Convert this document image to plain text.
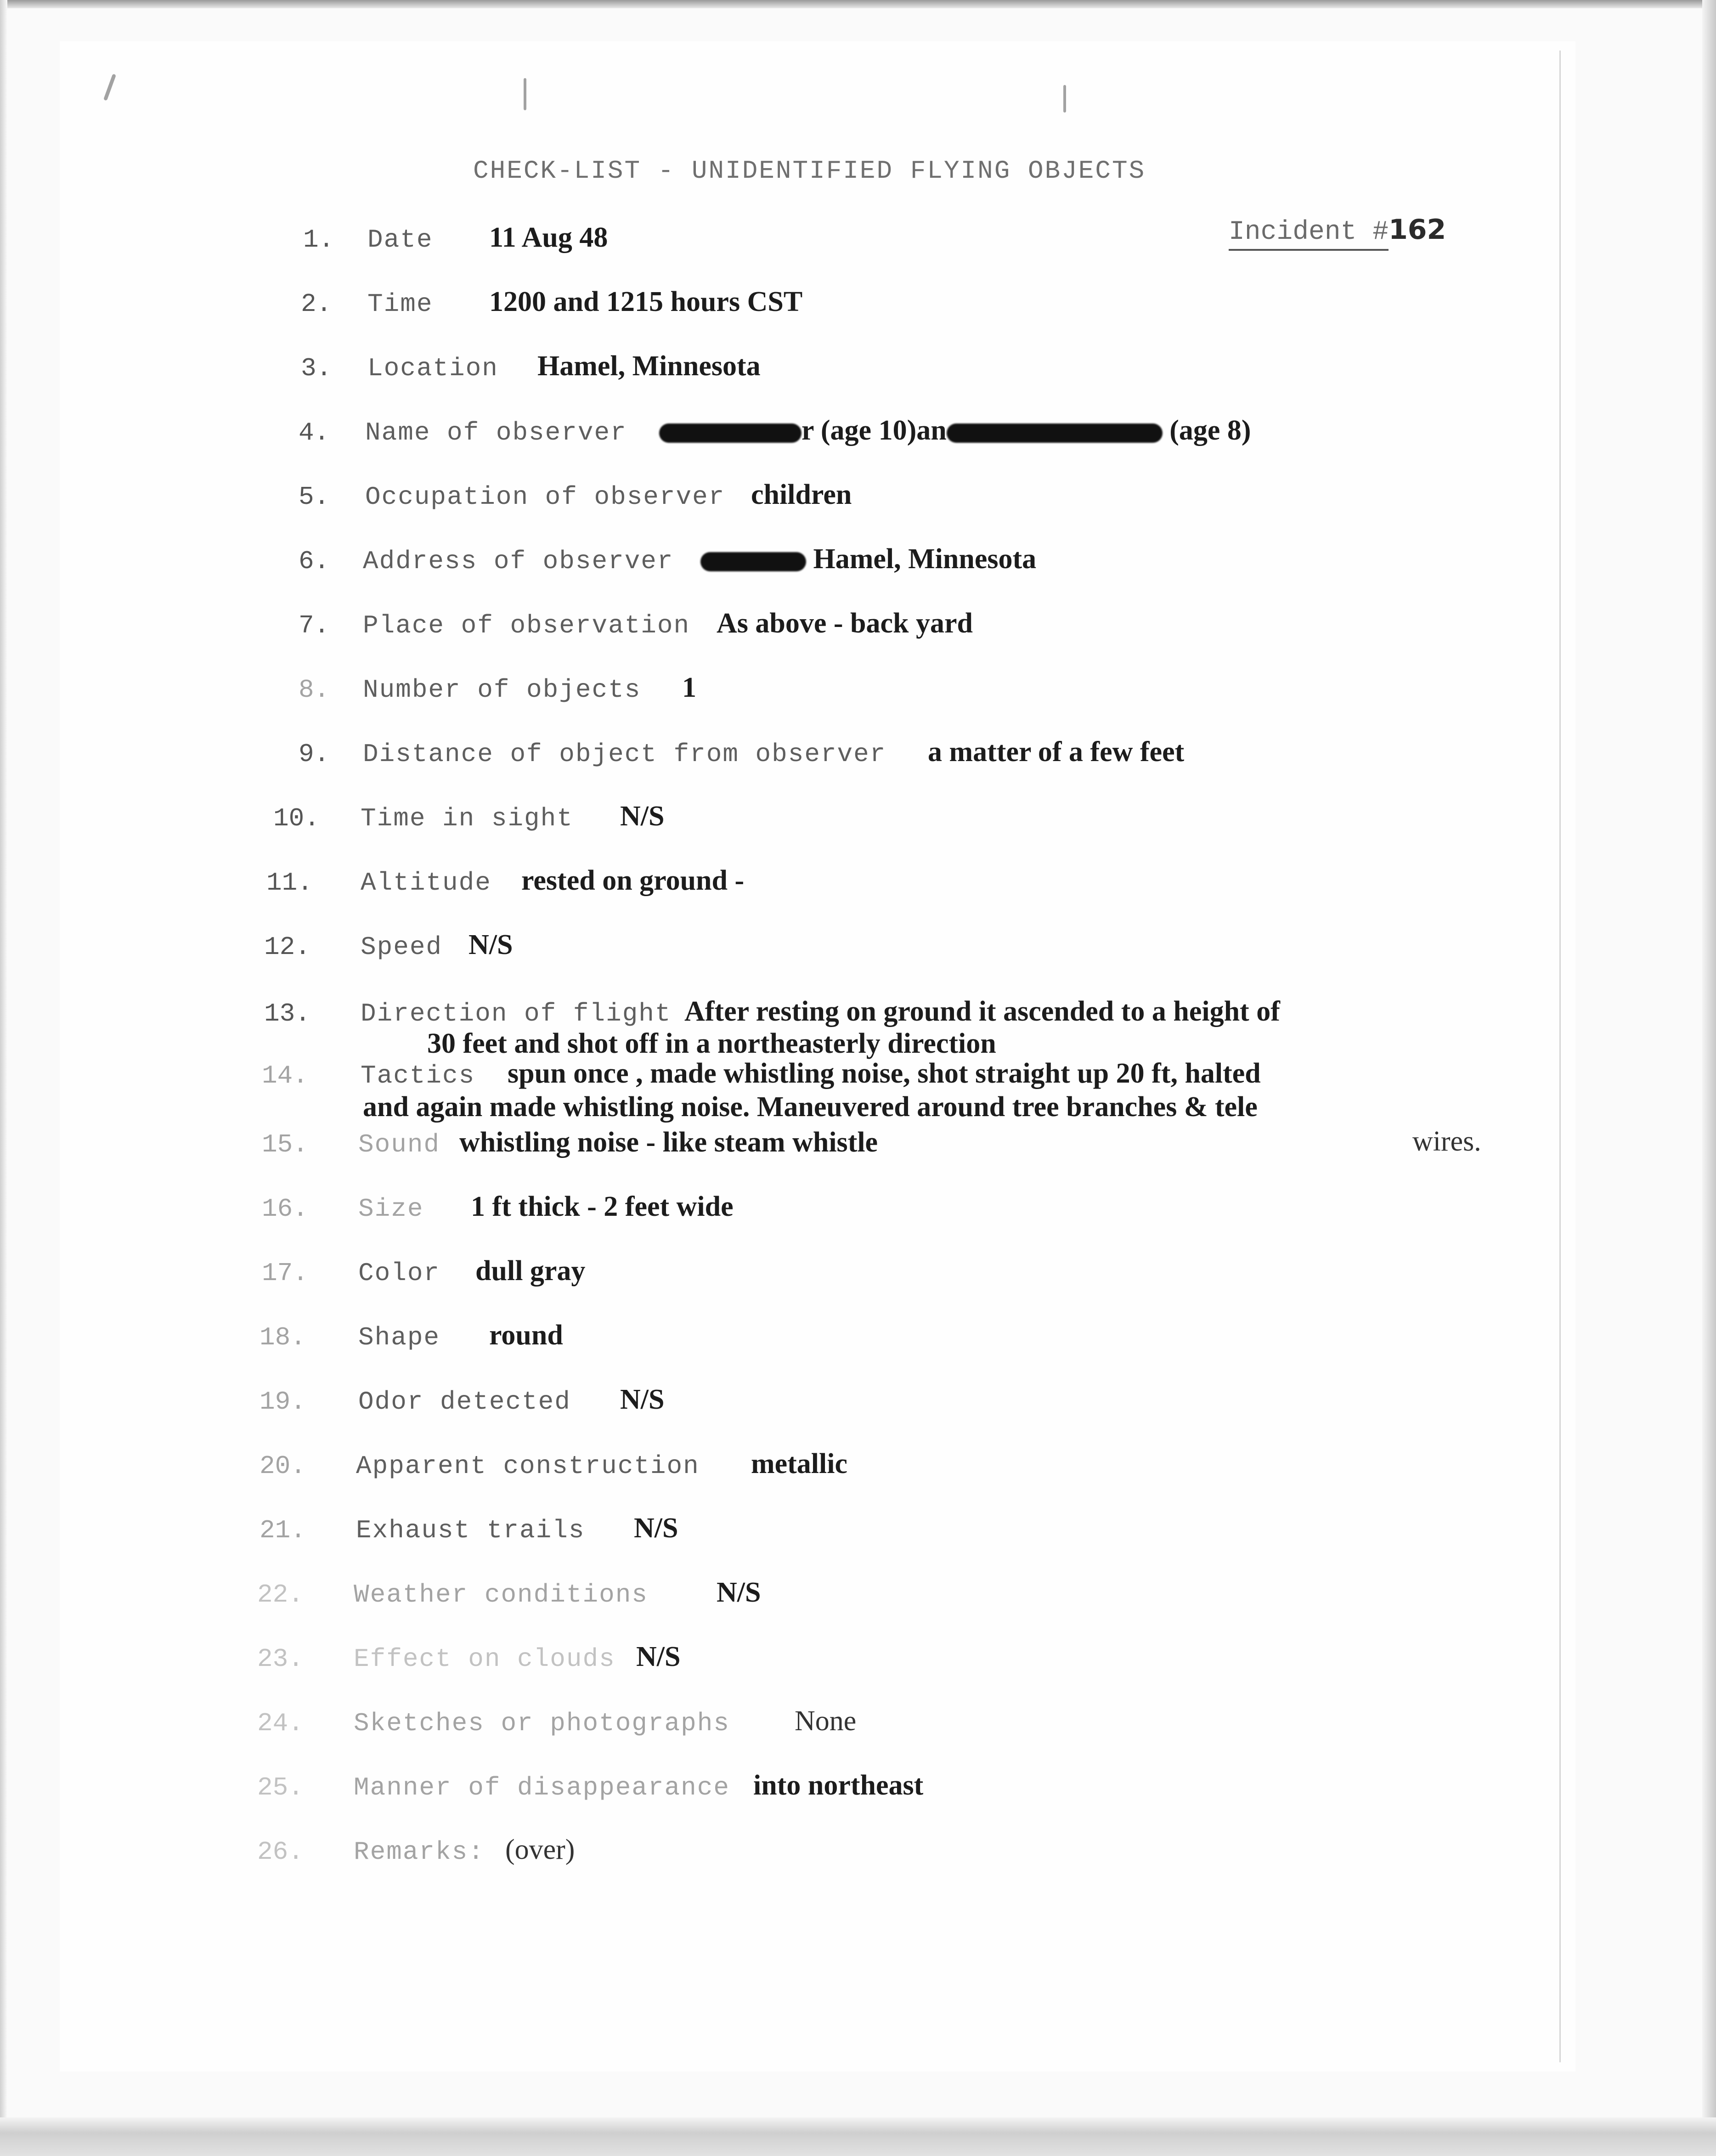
CHECK-LIST - UNIDENTIFIED FLYING OBJECTS
Incident #162
1. Date 11 Aug 48
2. Time 1200 and 1215 hours CST
3. Location Hamel, Minnesota
4. Name of observer	r (age 10)an	(age 8)
5. Occupation of observer children
6. Address of observer	Hamel, Minnesota
7. Place of observation As above - back yard
8. Number of objects 1
9. Distance of object from observer a matter of a few feet
10. Time in sight N/S
11. Altitude rested on ground -
12. Speed N/S
13. Direction of flight After resting on ground it ascended to a height of
30 feet and shot off in a northeasterly direction
14. Tactics spun once , made whistling noise, shot straight up 20 ft, halted
and again made whistling noise. Maneuvered around tree branches & tele
wires.
15. Sound whistling noise - like steam whistle
16. Size 1 ft thick - 2 feet wide
17. Color dull gray
18. Shape round
19. Odor detected N/S
20. Apparent construction metallic
21. Exhaust trails N/S
22. Weather conditions N/S
23. Effect on clouds N/S
24. Sketches or photographs None
25. Manner of disappearance into northeast
26. Remarks: (over)
